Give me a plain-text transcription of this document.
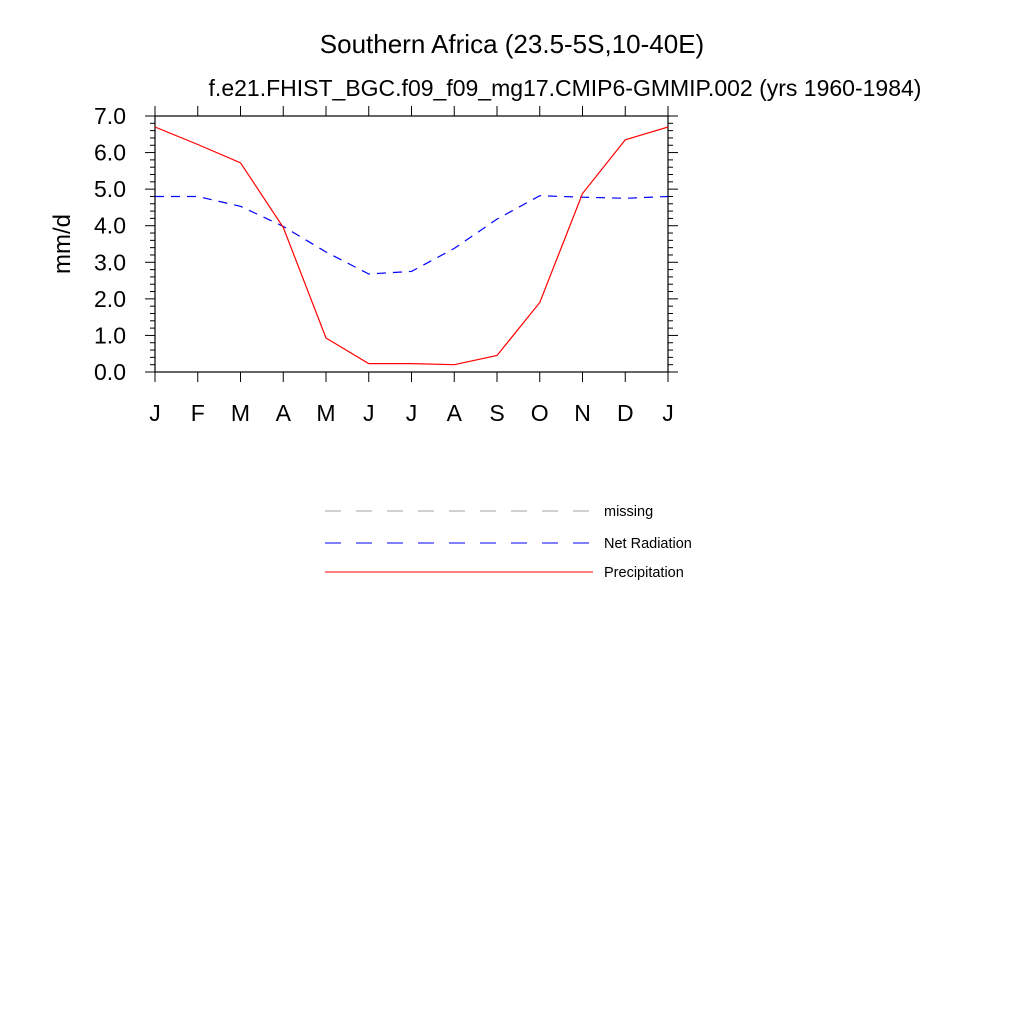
Southern Africa (23.5-5S,10-40E)
f.e21.FHIST_BGC.f09_f09_mg17.CMIP6-GMMIP.002 (yrs 1960-1984)
mm/d
J F M A M J J A S O N D J
0.0
1.0
2.0
3.0
4.0
5.0
6.0
7.0
missing
Net Radiation
Precipitation
